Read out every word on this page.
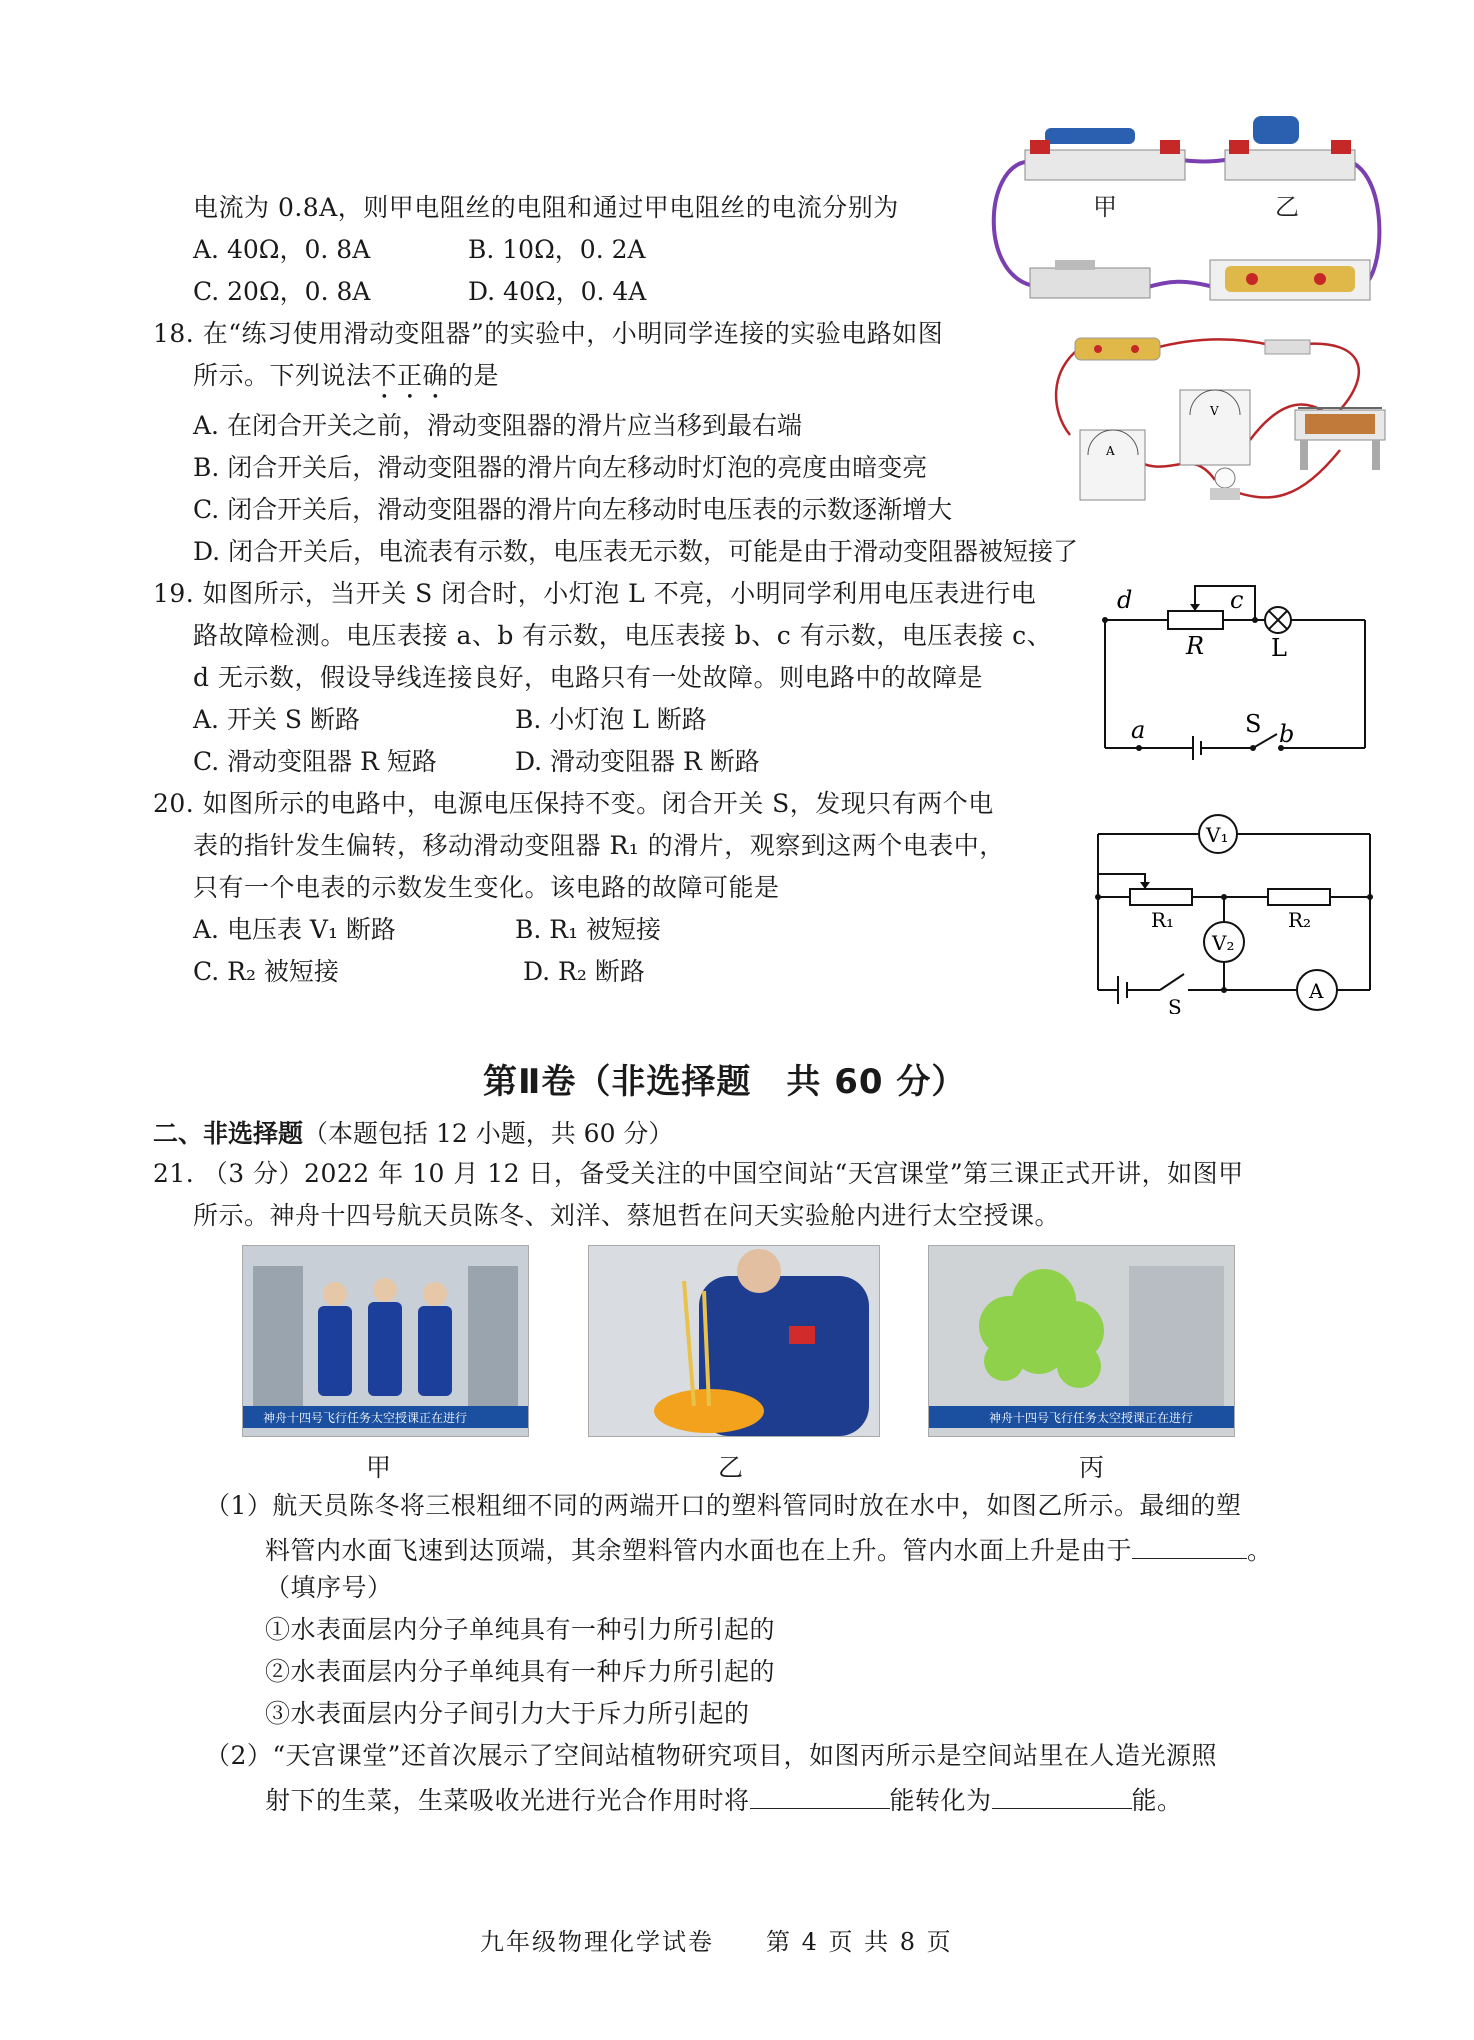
电流为 0.8A，则甲电阻丝的电阻和通过甲电阻丝的电流分别为
A. 40Ω，0. 8A	B. 10Ω，0. 2A
C. 20Ω，0. 8A	D. 40Ω，0. 4A
甲	乙
18. 在“练习使用滑动变阻器”的实验中，小明同学连接的实验电路如图
所示。下列说法不正确的是
A. 在闭合开关之前，滑动变阻器的滑片应当移到最右端
B. 闭合开关后，滑动变阻器的滑片向左移动时灯泡的亮度由暗变亮
C. 闭合开关后，滑动变阻器的滑片向左移动时电压表的示数逐渐增大
D. 闭合开关后，电流表有示数，电压表无示数，可能是由于滑动变阻器被短接了
A
V
19. 如图所示，当开关 S 闭合时，小灯泡 L 不亮，小明同学利用电压表进行电
路故障检测。电压表接 a、b 有示数，电压表接 b、c 有示数，电压表接 c、
d 无示数，假设导线连接良好，电路只有一处故障。则电路中的故障是
A. 开关 S 断路	B. 小灯泡 L 断路
C. 滑动变阻器 R 短路	D. 滑动变阻器 R 断路
d	c
R	L
a	S b
20. 如图所示的电路中，电源电压保持不变。闭合开关 S，发现只有两个电
表的指针发生偏转，移动滑动变阻器 R₁ 的滑片，观察到这两个电表中，
只有一个电表的示数发生变化。该电路的故障可能是
A. 电压表 V₁ 断路	B. R₁ 被短接
C. R₂ 被短接	D. R₂ 断路
V₁
V₂
R₁	R₂
A
S
第Ⅱ卷（非选择题　共 60 分）
二、非选择题（本题包括 12 小题，共 60 分）
21. （3 分）2022 年 10 月 12 日，备受关注的中国空间站“天宫课堂”第三课正式开讲，如图甲
所示。神舟十四号航天员陈冬、刘洋、蔡旭哲在问天实验舱内进行太空授课。
神舟十四号飞行任务太空授课正在进行	神舟十四号飞行任务太空授课正在进行
甲	乙	丙
（1）航天员陈冬将三根粗细不同的两端开口的塑料管同时放在水中，如图乙所示。最细的塑
料管内水面飞速到达顶端，其余塑料管内水面也在上升。管内水面上升是由于	。
（填序号）
①水表面层内分子单纯具有一种引力所引起的
②水表面层内分子单纯具有一种斥力所引起的
③水表面层内分子间引力大于斥力所引起的
（2）“天宫课堂”还首次展示了空间站植物研究项目，如图丙所示是空间站里在人造光源照
射下的生菜，生菜吸收光进行光合作用时将	能转化为	能。
九年级物理化学试卷　　第 4 页 共 8 页
